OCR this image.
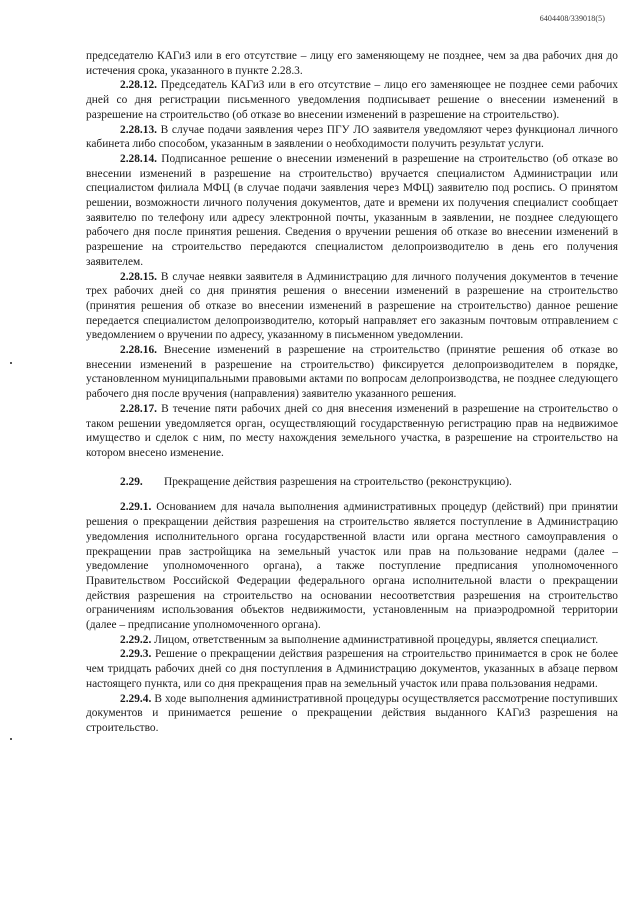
6404408/339018(5)

председателю КАГиЗ или в его отсутствие – лицу его заменяющему не позднее, чем за два рабочих дня до истечения срока, указанного в пункте 2.28.3.

2.28.12. Председатель КАГиЗ или в его отсутствие – лицо его заменяющее не позднее семи рабочих дней со дня регистрации письменного уведомления подписывает решение о внесении изменений в разрешение на строительство (об отказе во внесении изменений в разрешение на строительство).

2.28.13. В случае подачи заявления через ПГУ ЛО заявителя уведомляют через функционал личного кабинета либо способом, указанным в заявлении о необходимости получить результат услуги.

2.28.14. Подписанное решение о внесении изменений в разрешение на строительство (об отказе во внесении изменений в разрешение на строительство) вручается специалистом Администрации или специалистом филиала МФЦ (в случае подачи заявления через МФЦ) заявителю под роспись. О принятом решении, возможности личного получения документов, дате и времени их получения специалист сообщает заявителю по телефону или адресу электронной почты, указанным в заявлении, не позднее следующего рабочего дня после принятия решения. Сведения о вручении решения об отказе во внесении изменений в разрешение на строительство передаются специалистом делопроизводителю в день его получения заявителем.

2.28.15. В случае неявки заявителя в Администрацию для личного получения документов в течение трех рабочих дней со дня принятия решения о внесении изменений в разрешение на строительство (принятия решения об отказе во внесении изменений в разрешение на строительство) данное решение передается специалистом делопроизводителю, который направляет его заказным почтовым отправлением с уведомлением о вручении по адресу, указанному в письменном уведомлении.

2.28.16. Внесение изменений в разрешение на строительство (принятие решения об отказе во внесении изменений в разрешение на строительство) фиксируется делопроизводителем в порядке, установленном муниципальными правовыми актами по вопросам делопроизводства, не позднее следующего рабочего дня после вручения (направления) заявителю указанного решения.

2.28.17. В течение пяти рабочих дней со дня внесения изменений в разрешение на строительство о таком решении уведомляется орган, осуществляющий государственную регистрацию прав на недвижимое имущество и сделок с ним, по месту нахождения земельного участка, в разрешение на строительство на котором внесено изменение.

2.29. Прекращение действия разрешения на строительство (реконструкцию).

2.29.1. Основанием для начала выполнения административных процедур (действий) при принятии решения о прекращении действия разрешения на строительство является поступление в Администрацию уведомления исполнительного органа государственной власти или органа местного самоуправления о прекращении прав застройщика на земельный участок или прав на пользование недрами (далее – уведомление уполномоченного органа), а также поступление предписания уполномоченного Правительством Российской Федерации федерального органа исполнительной власти о прекращении действия разрешения на строительство на основании несоответствия разрешения на строительство ограничениям использования объектов недвижимости, установленным на приаэродромной территории (далее – предписание уполномоченного органа).

2.29.2. Лицом, ответственным за выполнение административной процедуры, является специалист.

2.29.3. Решение о прекращении действия разрешения на строительство принимается в срок не более чем тридцать рабочих дней со дня поступления в Администрацию документов, указанных в абзаце первом настоящего пункта, или со дня прекращения прав на земельный участок или права пользования недрами.

2.29.4. В ходе выполнения административной процедуры осуществляется рассмотрение поступивших документов и принимается решение о прекращении действия выданного КАГиЗ разрешения на строительство.
